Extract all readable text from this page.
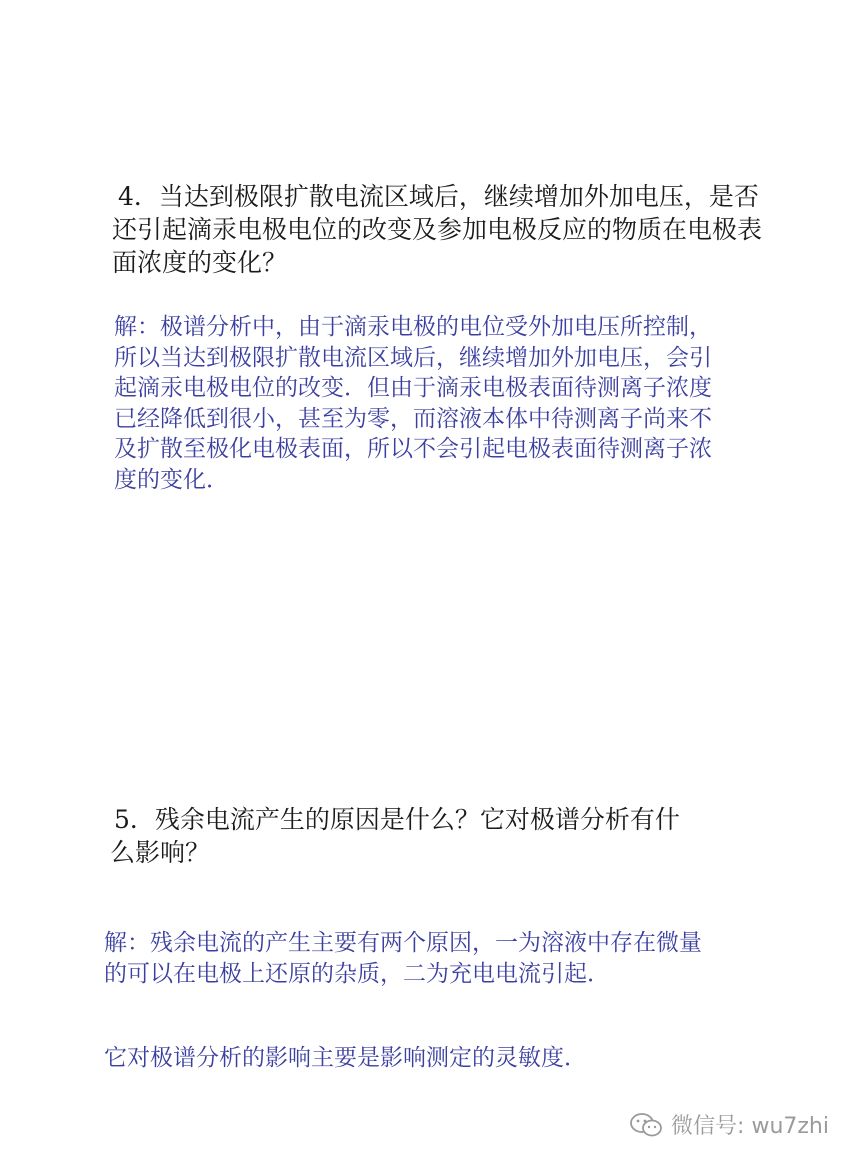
4．当达到极限扩散电流区域后，继续增加外加电压，是否
还引起滴汞电极电位的改变及参加电极反应的物质在电极表
面浓度的变化？
解：极谱分析中，由于滴汞电极的电位受外加电压所控制，
所以当达到极限扩散电流区域后，继续增加外加电压，会引
起滴汞电极电位的改变．但由于滴汞电极表面待测离子浓度
已经降低到很小，甚至为零，而溶液本体中待测离子尚来不
及扩散至极化电极表面，所以不会引起电极表面待测离子浓
度的变化．
5．残余电流产生的原因是什么？它对极谱分析有什
么影响？
解：残余电流的产生主要有两个原因，一为溶液中存在微量
的可以在电极上还原的杂质，二为充电电流引起．
它对极谱分析的影响主要是影响测定的灵敏度．
微信号: wu7zhi
